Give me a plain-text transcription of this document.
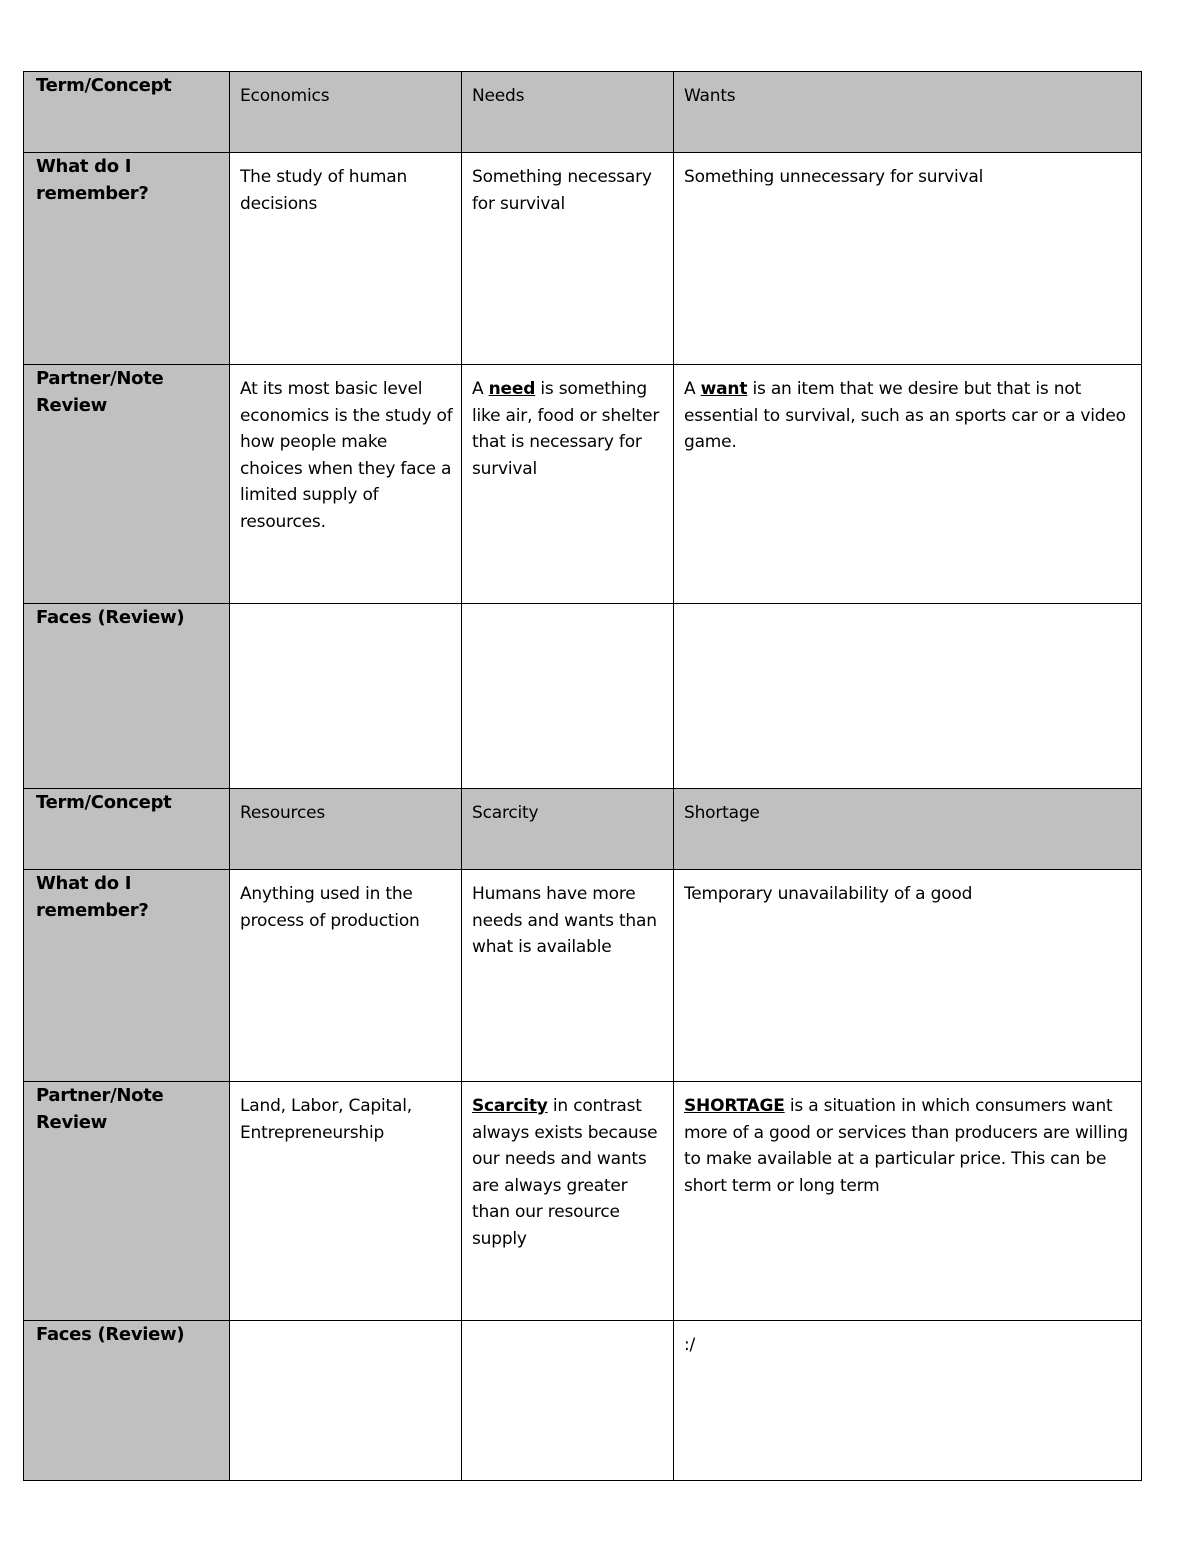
Term/Concept	Economics	Needs	Wants

What do I remember?	The study of human decisions	Something necessary for survival	Something unnecessary for survival

Partner/Note Review	At its most basic level economics is the study of how people make choices when they face a limited supply of resources.	A need is something like air, food or shelter that is necessary for survival	A want is an item that we desire but that is not essential to survival, such as an sports car or a video game.

Faces (Review)			

Term/Concept	Resources	Scarcity	Shortage

What do I remember?	Anything used in the process of production	Humans have more needs and wants than what is available	Temporary unavailability of a good

Partner/Note Review	Land, Labor, Capital, Entrepreneurship	Scarcity in contrast always exists because our needs and wants are always greater than our resource supply	SHORTAGE is a situation in which consumers want more of a good or services than producers are willing to make available at a particular price. This can be short term or long term

Faces (Review)			:/
